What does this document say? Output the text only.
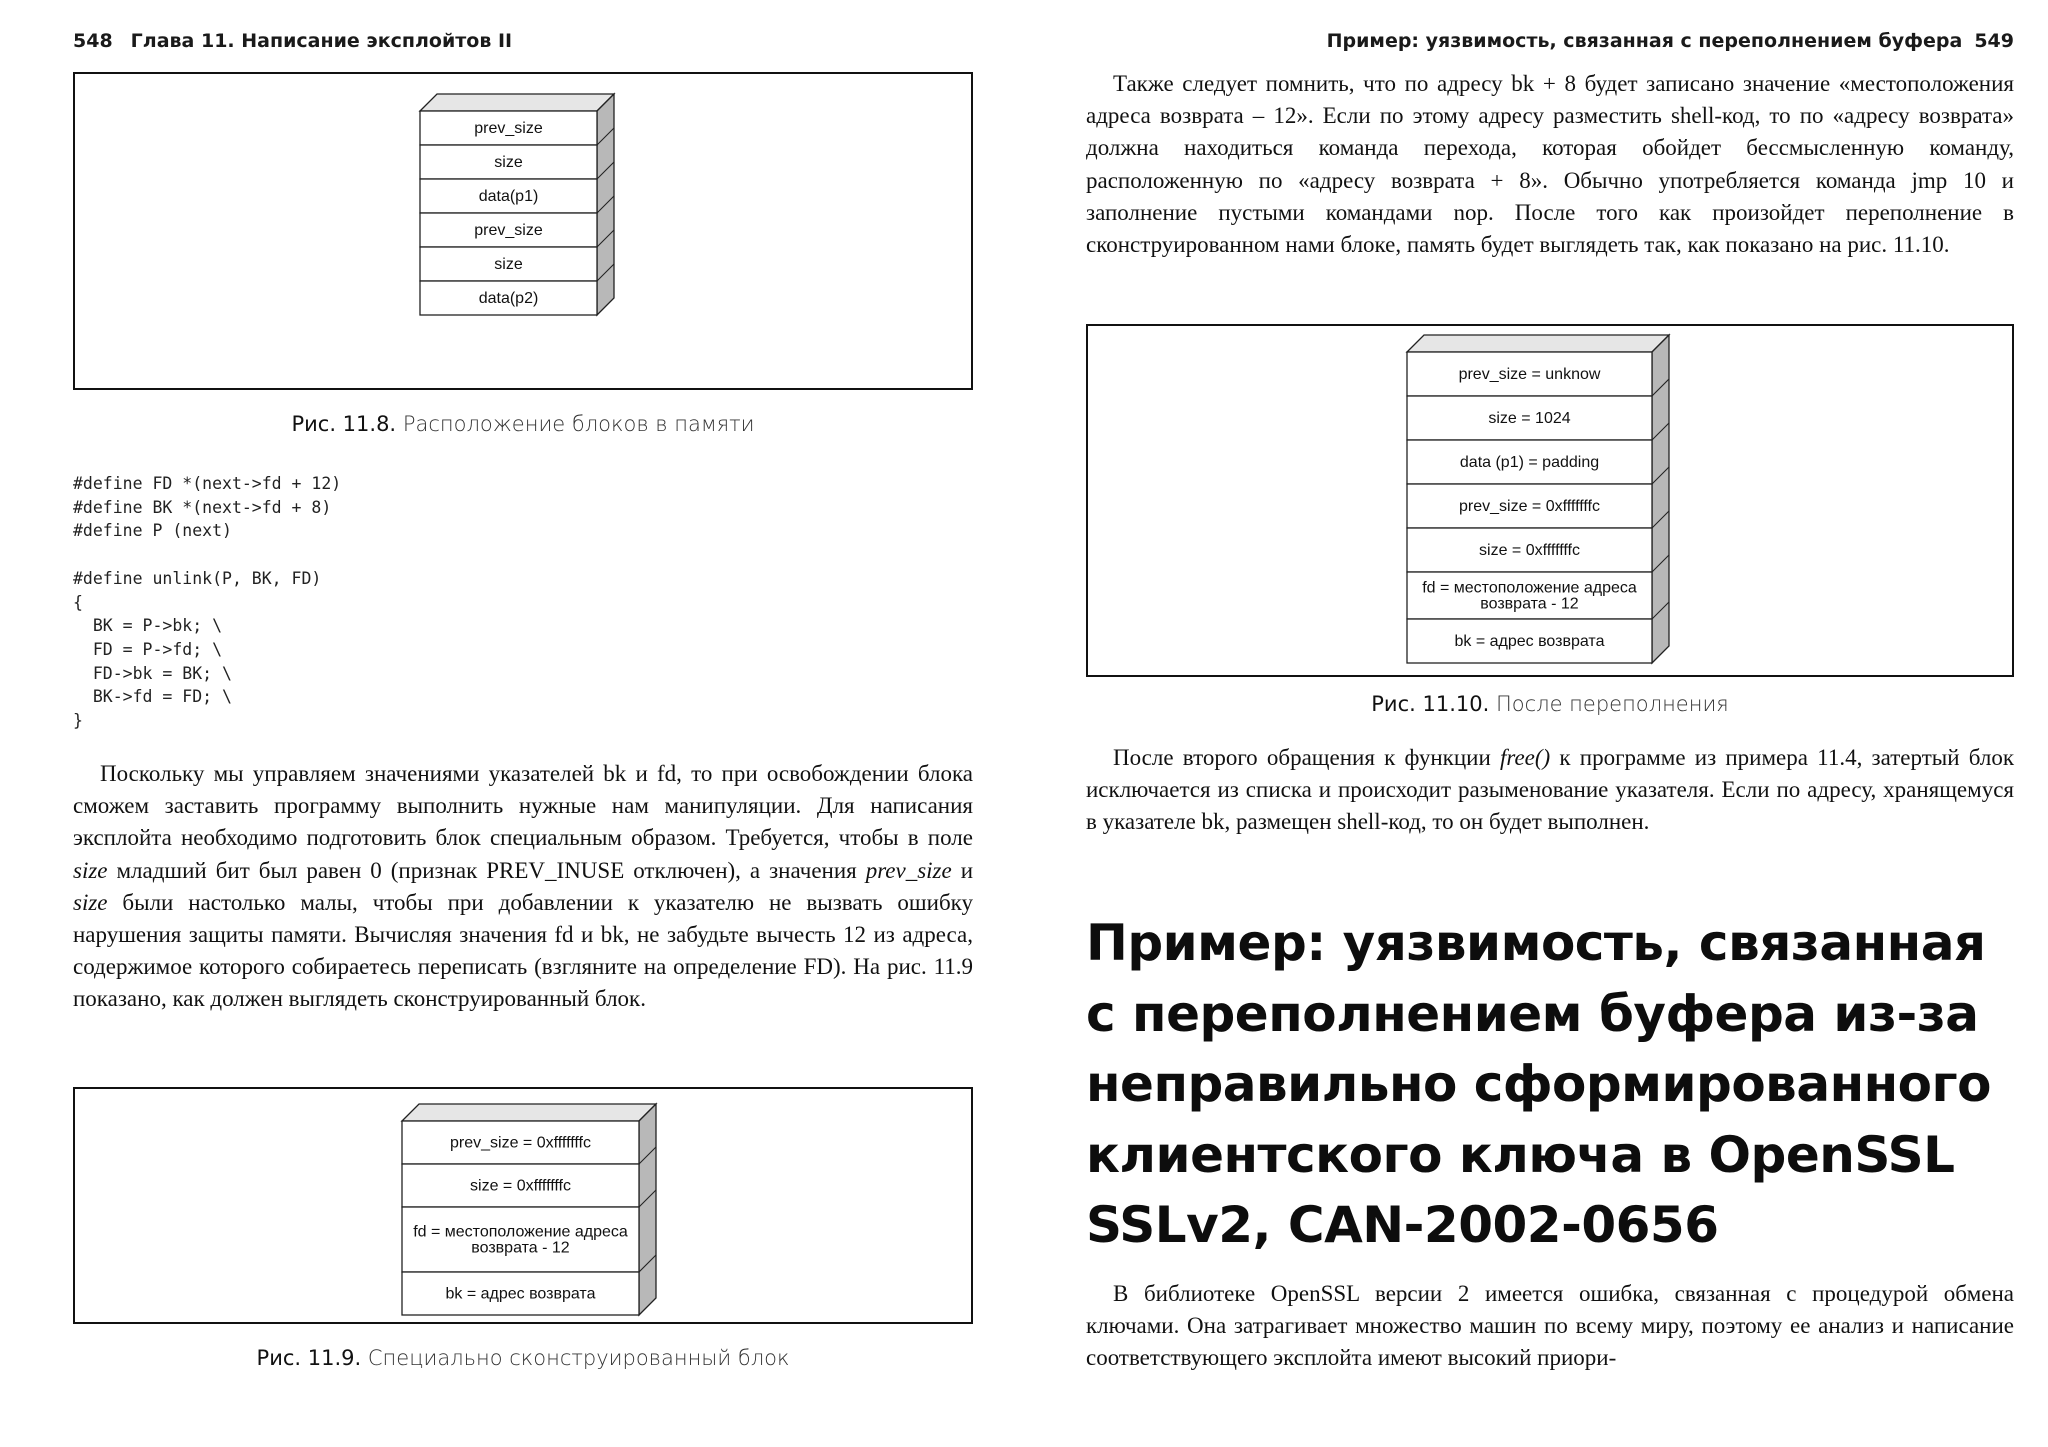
548 Глава 11. Написание эксплойтов II
prev_size
size
data(p1)
prev_size
size
data(p2)
Рис. 11.8. Расположение блоков в памяти
#define FD *(next->fd + 12)
#define BK *(next->fd + 8)
#define P (next)

#define unlink(P, BK, FD)
{
BK = P->bk; \
FD = P->fd; \
FD->bk = BK; \
BK->fd = FD; \
}

Поскольку мы управляем значениями указателей bk и fd, то при освобождении блока сможем заставить программу выполнить нужные нам манипуляции. Для написания эксплойта необходимо подготовить блок специальным образом. Требуется, чтобы в поле size младший бит был равен 0 (признак PREV_INUSE отключен), а значения prev_size и size были настолько малы, чтобы при добавлении к указателю не вызвать ошибку нарушения защиты памяти. Вычисляя значения fd и bk, не забудьте вычесть 12 из адреса, содержимое которого собираетесь переписать (взгляните на определение FD). На рис. 11.9 показано, как должен выглядеть сконструированный блок.

prev_size = 0xfffffffc
size = 0xfffffffc
fd = местоположение адреса
возврата - 12
bk = адрес возврата
Рис. 11.9. Специально сконструированный блок
Пример: уязвимость, связанная с переполнением буфера 549

Также следует помнить, что по адресу bk + 8 будет записано значение «местоположения адреса возврата – 12». Если по этому адресу разместить shell-код, то по «адресу возврата» должна находиться команда перехода, которая обойдет бессмысленную команду, расположенную по «адресу возврата + 8». Обычно употребляется команда jmp 10 и заполнение пустыми командами nop. После того как произойдет переполнение в сконструированном нами блоке, память будет выглядеть так, как показано на рис. 11.10.

prev_size = unknow
size = 1024
data (p1) = padding
prev_size = 0xfffffffc
size = 0xfffffffc
fd = местоположение адреса
возврата - 12
bk = адрес возврата
Рис. 11.10. После переполнения

После второго обращения к функции free() к программе из примера 11.4, затертый блок исключается из списка и происходит разыменование указателя. Если по адресу, хранящемуся в указателе bk, размещен shell-код, то он будет выполнен.

Пример: уязвимость, связанная
с переполнением буфера из-за
неправильно сформированного
клиентского ключа в OpenSSL
SSLv2, CAN-2002-0656

В библиотеке OpenSSL версии 2 имеется ошибка, связанная с процедурой обмена ключами. Она затрагивает множество машин по всему миру, поэтому ее анализ и написание соответствующего эксплойта имеют высокий приори-
